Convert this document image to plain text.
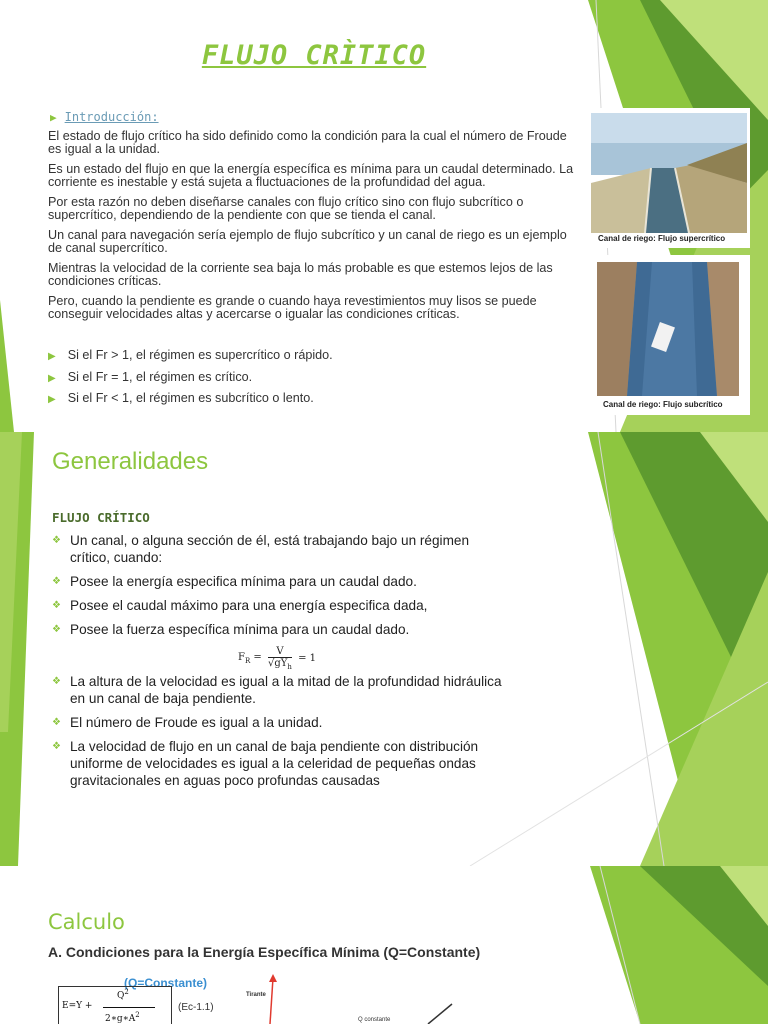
FLUJO CRÌTICO
▶ Introducción:

El estado de flujo crítico ha sido definido como la condición para la cual el número de Froude es igual a la unidad.

Es un estado del flujo en que la energía específica es mínima para un caudal determinado. La corriente es inestable y está sujeta a fluctuaciones de la profundidad del agua.

Por esta razón no deben diseñarse canales con flujo crítico sino con flujo subcrítico o supercrítico, dependiendo de la pendiente con que se tienda el canal.

Un canal para navegación sería ejemplo de flujo subcrítico y un canal de riego es un ejemplo de canal supercrítico.

Mientras la velocidad de la corriente sea baja lo más probable es que estemos lejos de las condiciones críticas.

Pero, cuando la pendiente es grande o cuando haya revestimientos muy lisos se puede conseguir velocidades altas y acercarse o igualar las condiciones críticas.

▶ Si el Fr > 1, el régimen es supercrítico o rápido.
▶ Si el Fr = 1, el régimen es crítico.
▶ Si el Fr < 1, el régimen es subcrítico o lento.
Canal de riego: Flujo supercrítico
Canal de riego: Flujo subcrítico
Generalidades
FLUJO CRÍTICO
❖ Un canal, o alguna sección de él, está trabajando bajo un régimen crítico, cuando:
❖ Posee la energía especifica mínima para un caudal dado.
❖ Posee el caudal máximo para una energía especifica dada,
❖ Posee la fuerza específica mínima para un caudal dado.
❖ La altura de la velocidad es igual a la mitad de la profundidad hidráulica en un canal de baja pendiente.
❖ El número de Froude es igual a la unidad.
❖ La velocidad de flujo en un canal de baja pendiente con distribución uniforme de velocidades es igual a la celeridad de pequeñas ondas gravitacionales en aguas poco profundas causadas
$F_R$ =
V
$√gY_h$
= 1
Calculo
A. Condiciones para la Energía Específica Mínima (Q=Constante)
(Q=Constante)
E=Y +
$Q^2$
$2∗g∗A^2$
(Ec-1.1)
Tirante
Q constante
